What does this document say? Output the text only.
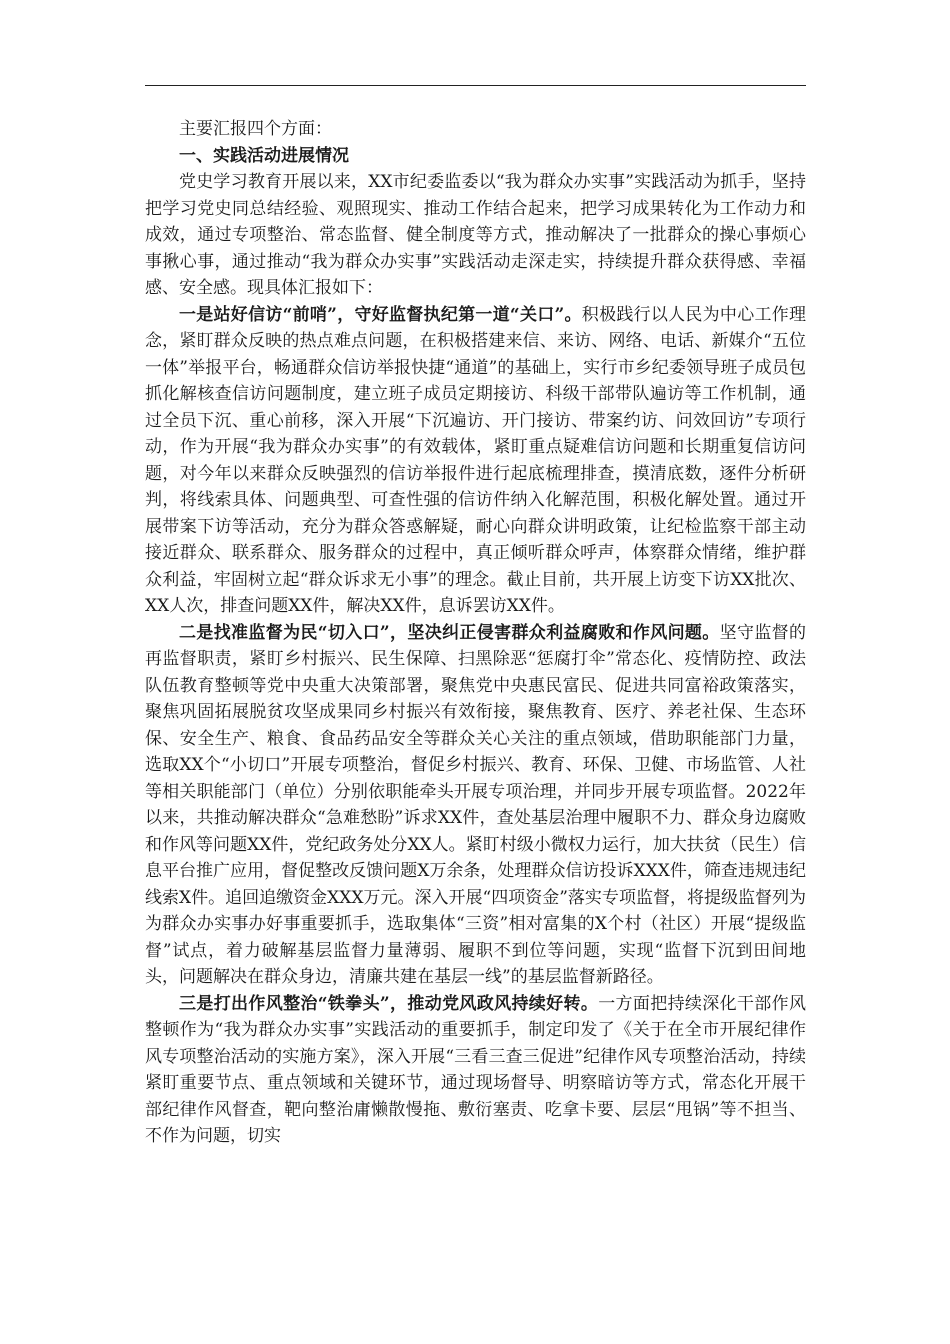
主要汇报四个方面：

一、实践活动进展情况

党史学习教育开展以来，XX市纪委监委以“我为群众办实事”实践活动为抓手，坚持把学习党史同总结经验、观照现实、推动工作结合起来，把学习成果转化为工作动力和成效，通过专项整治、常态监督、健全制度等方式，推动解决了一批群众的操心事烦心事揪心事，通过推动“我为群众办实事”实践活动走深走实，持续提升群众获得感、幸福感、安全感。现具体汇报如下：

一是站好信访“前哨”，守好监督执纪第一道“关口”。积极践行以人民为中心工作理念，紧盯群众反映的热点难点问题，在积极搭建来信、来访、网络、电话、新媒介“五位一体”举报平台，畅通群众信访举报快捷“通道”的基础上，实行市乡纪委领导班子成员包抓化解核查信访问题制度，建立班子成员定期接访、科级干部带队遍访等工作机制，通过全员下沉、重心前移，深入开展“下沉遍访、开门接访、带案约访、问效回访”专项行动，作为开展“我为群众办实事”的有效载体，紧盯重点疑难信访问题和长期重复信访问题，对今年以来群众反映强烈的信访举报件进行起底梳理排查，摸清底数，逐件分析研判，将线索具体、问题典型、可查性强的信访件纳入化解范围，积极化解处置。通过开展带案下访等活动，充分为群众答惑解疑，耐心向群众讲明政策，让纪检监察干部主动接近群众、联系群众、服务群众的过程中，真正倾听群众呼声，体察群众情绪，维护群众利益，牢固树立起“群众诉求无小事”的理念。截止目前，共开展上访变下访XX批次、XX人次，排查问题XX件，解决XX件，息诉罢访XX件。

二是找准监督为民“切入口”，坚决纠正侵害群众利益腐败和作风问题。坚守监督的再监督职责，紧盯乡村振兴、民生保障、扫黑除恶“惩腐打伞”常态化、疫情防控、政法队伍教育整顿等党中央重大决策部署，聚焦党中央惠民富民、促进共同富裕政策落实，聚焦巩固拓展脱贫攻坚成果同乡村振兴有效衔接，聚焦教育、医疗、养老社保、生态环保、安全生产、粮食、食品药品安全等群众关心关注的重点领域，借助职能部门力量，选取XX个“小切口”开展专项整治，督促乡村振兴、教育、环保、卫健、市场监管、人社等相关职能部门（单位）分别依职能牵头开展专项治理，并同步开展专项监督。2022年以来，共推动解决群众“急难愁盼”诉求XX件，查处基层治理中履职不力、群众身边腐败和作风等问题XX件，党纪政务处分XX人。紧盯村级小微权力运行，加大扶贫（民生）信息平台推广应用，督促整改反馈问题X万余条，处理群众信访投诉XXX件，筛查违规违纪线索X件。追回追缴资金XXX万元。深入开展“四项资金”落实专项监督，将提级监督列为为群众办实事办好事重要抓手，选取集体“三资”相对富集的X个村（社区）开展“提级监督”试点，着力破解基层监督力量薄弱、履职不到位等问题，实现“监督下沉到田间地头，问题解决在群众身边，清廉共建在基层一线”的基层监督新路径。

三是打出作风整治“铁拳头”，推动党风政风持续好转。一方面把持续深化干部作风整顿作为“我为群众办实事”实践活动的重要抓手，制定印发了《关于在全市开展纪律作风专项整治活动的实施方案》，深入开展“三看三查三促进”纪律作风专项整治活动，持续紧盯重要节点、重点领域和关键环节，通过现场督导、明察暗访等方式，常态化开展干部纪律作风督查，靶向整治庸懒散慢拖、敷衍塞责、吃拿卡要、层层“甩锅”等不担当、不作为问题，切实
